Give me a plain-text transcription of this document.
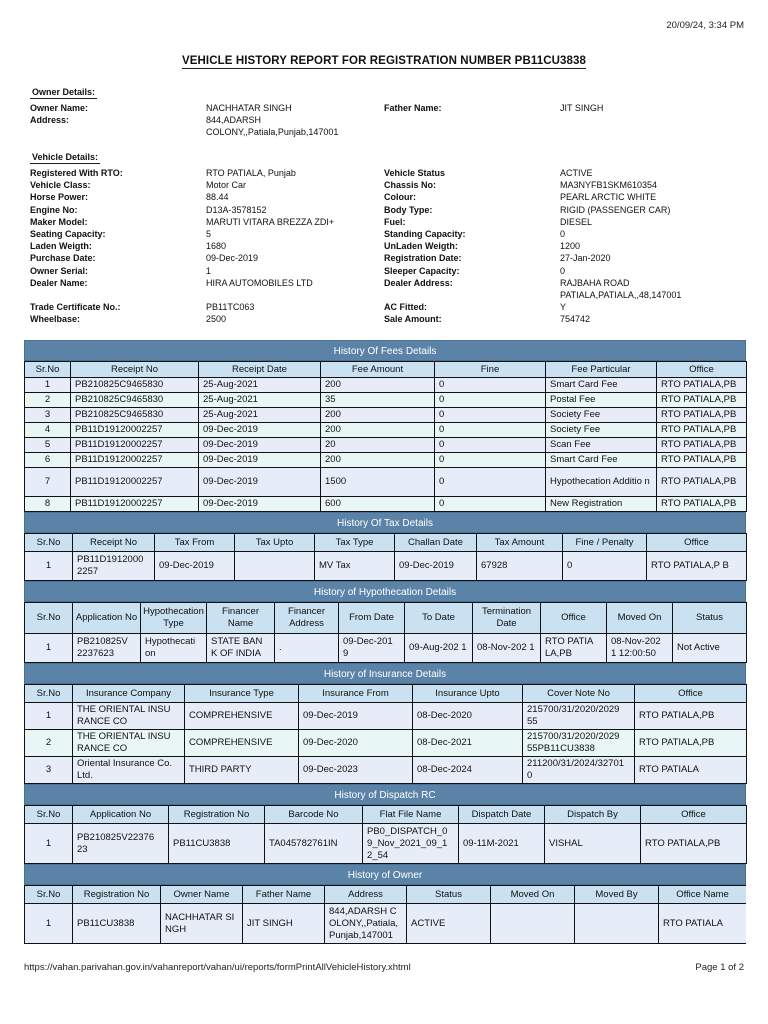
20/09/24, 3:34 PM
VEHICLE HISTORY REPORT FOR REGISTRATION NUMBER PB11CU3838
Owner Details:
Owner Name:	NACHHATAR SINGH	Father Name:	JIT SINGH
Address:	844,ADARSH
COLONY,,Patiala,Punjab,147001
Vehicle Details:
Registered With RTO:	RTO PATIALA, Punjab	Vehicle Status	ACTIVE
Vehicle Class:	Motor Car	Chassis No:	MA3NYFB1SKM610354
Horse Power:	88.44	Colour:	PEARL ARCTIC WHITE
Engine No:	D13A-3578152	Body Type:	RIGID (PASSENGER CAR)
Maker Model:	MARUTI VITARA BREZZA ZDI+	Fuel:	DIESEL
Seating Capacity:	5	Standing Capacity:	0
Laden Weigth:	1680	UnLaden Weigth:	1200
Purchase Date:	09-Dec-2019	Registration Date:	27-Jan-2020
Owner Serial:	1	Sleeper Capacity:	0
Dealer Name:	HIRA AUTOMOBILES LTD	Dealer Address:	RAJBAHA ROAD
PATIALA,PATIALA,,48,147001
Trade Certificate No.:	PB11TC063	AC Fitted:	Y
Wheelbase:	2500	Sale Amount:	754742
History Of Fees Details
Sr.No	Receipt No	Receipt Date	Fee Amount	Fine	Fee Particular	Office
1	PB210825C9465830	25-Aug-2021	200	0	Smart Card Fee	RTO PATIALA,PB
2	PB210825C9465830	25-Aug-2021	35	0	Postal Fee	RTO PATIALA,PB
3	PB210825C9465830	25-Aug-2021	200	0	Society Fee	RTO PATIALA,PB
4	PB11D19120002257	09-Dec-2019	200	0	Society Fee	RTO PATIALA,PB
5	PB11D19120002257	09-Dec-2019	20	0	Scan Fee	RTO PATIALA,PB
6	PB11D19120002257	09-Dec-2019	200	0	Smart Card Fee	RTO PATIALA,PB
7	PB11D19120002257	09-Dec-2019	1500	0	Hypothecation Additio n	RTO PATIALA,PB
8	PB11D19120002257	09-Dec-2019	600	0	New Registration	RTO PATIALA,PB
History Of Tax Details
Sr.No	Receipt No	Tax From	Tax Upto	Tax Type	Challan Date	Tax Amount	Fine / Penalty	Office
1	PB11D1912000 2257	09-Dec-2019		MV Tax	09-Dec-2019	67928	0	RTO PATIALA,P B
History of Hypothecation Details
Sr.No	Application No	Hypothecation Type	Financer Name	Financer Address	From Date	To Date	Termination Date	Office	Moved On	Status
1	PB210825V 2237623	Hypothecati on	STATE BAN K OF INDIA	.	09-Dec-201 9	09-Aug-202 1	08-Nov-202 1	RTO PATIA LA,PB	08-Nov-202 1 12:00:50	Not Active
History of Insurance Details
Sr.No	Insurance Company	Insurance Type	Insurance From	Insurance Upto	Cover Note No	Office
1	THE ORIENTAL INSU RANCE CO	COMPREHENSIVE	09-Dec-2019	08-Dec-2020	215700/31/2020/2029 55	RTO PATIALA,PB
2	THE ORIENTAL INSU RANCE CO	COMPREHENSIVE	09-Dec-2020	08-Dec-2021	215700/31/2020/2029 55PB11CU3838	RTO PATIALA,PB
3	Oriental Insurance Co. Ltd.	THIRD PARTY	09-Dec-2023	08-Dec-2024	211200/31/2024/32701 0	RTO PATIALA
History of Dispatch RC
Sr.No	Application No	Registration No	Barcode No	Flat File Name	Dispatch Date	Dispatch By	Office
1	PB210825V22376 23	PB11CU3838	TA045782761IN	PB0_DISPATCH_0 9_Nov_2021_09_1 2_54	09-11M-2021	VISHAL	RTO PATIALA,PB
History of Owner
Sr.No	Registration No	Owner Name	Father Name	Address	Status	Moved On	Moved By	Office Name
1	PB11CU3838	NACHHATAR SI NGH	JIT SINGH	844,ADARSH C OLONY,,Patiala, Punjab,147001	ACTIVE			RTO PATIALA
https://vahan.parivahan.gov.in/vahanreport/vahan/ui/reports/formPrintAllVehicleHistory.xhtml	Page 1 of 2
